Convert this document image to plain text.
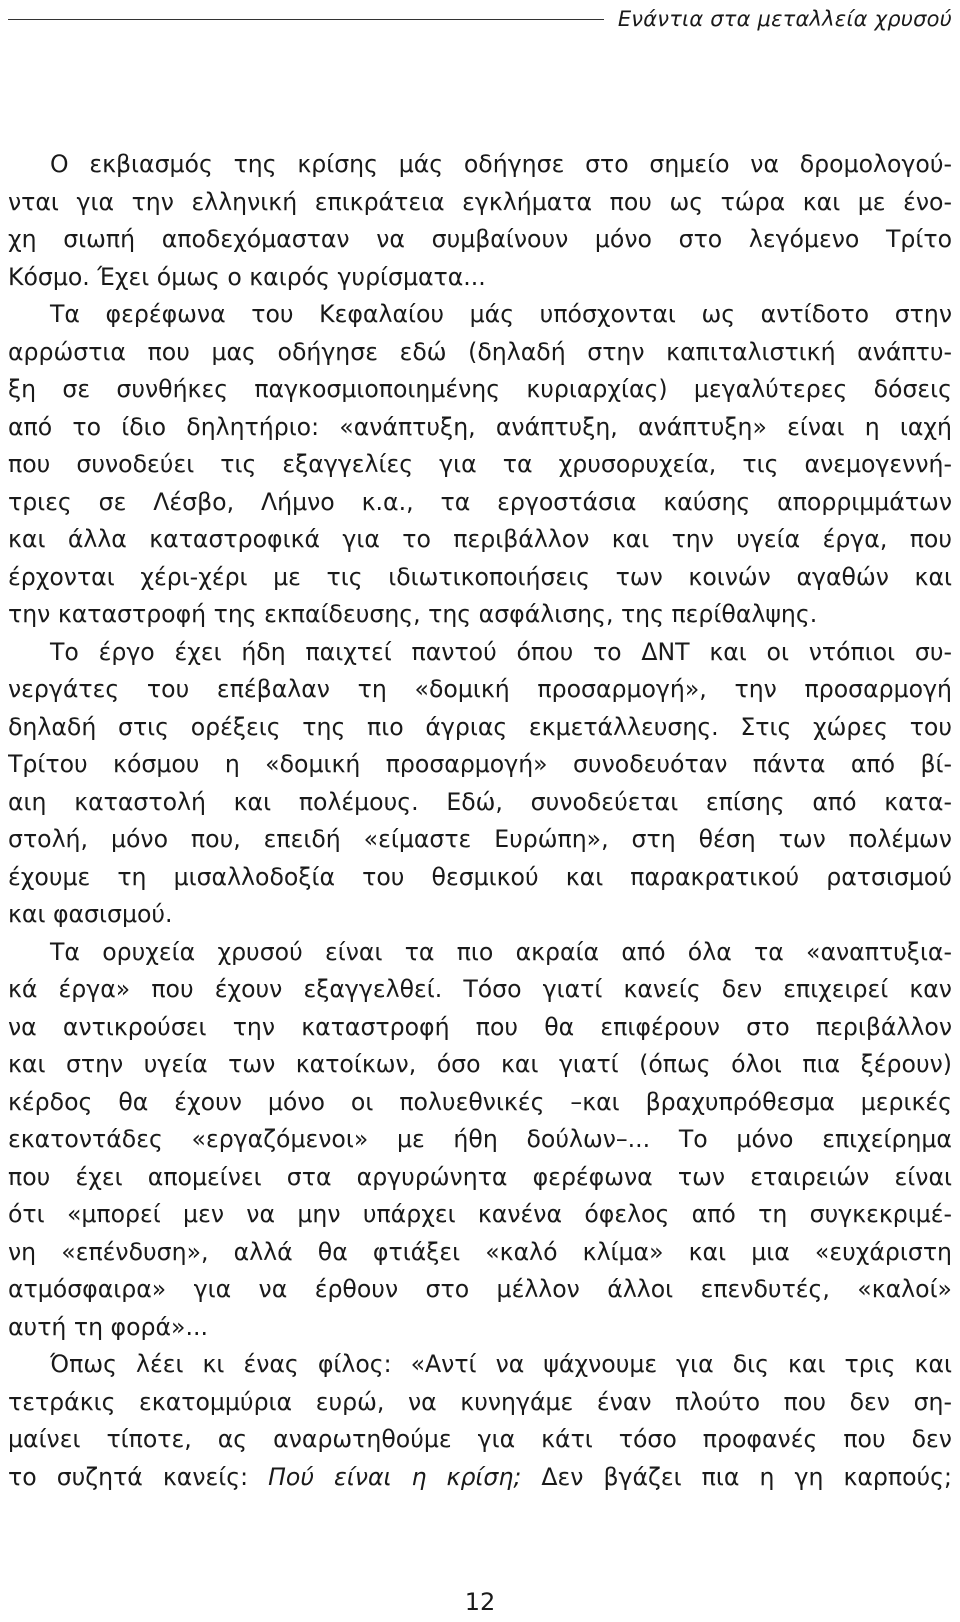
Ενάντια στα μεταλλεία χρυσού
Ο εκβιασμός της κρίσης μάς οδήγησε στο σημείο να δρομολογού-
νται για την ελληνική επικράτεια εγκλήματα που ως τώρα και με ένο-
χη σιωπή αποδεχόμασταν να συμβαίνουν μόνο στο λεγόμενο Τρίτο
Κόσμο. Έχει όμως ο καιρός γυρίσματα...
Τα φερέφωνα του Κεφαλαίου μάς υπόσχονται ως αντίδοτο στην
αρρώστια που μας οδήγησε εδώ (δηλαδή στην καπιταλιστική ανάπτυ-
ξη σε συνθήκες παγκοσμιοποιημένης κυριαρχίας) μεγαλύτερες δόσεις
από το ίδιο δηλητήριο: «ανάπτυξη, ανάπτυξη, ανάπτυξη» είναι η ιαχή
που συνοδεύει τις εξαγγελίες για τα χρυσορυχεία, τις ανεμογεννή-
τριες σε Λέσβο, Λήμνο κ.α., τα εργοστάσια καύσης απορριμμάτων
και άλλα καταστροφικά για το περιβάλλον και την υγεία έργα, που
έρχονται χέρι-χέρι με τις ιδιωτικοποιήσεις των κοινών αγαθών και
την καταστροφή της εκπαίδευσης, της ασφάλισης, της περίθαλψης.
Το έργο έχει ήδη παιχτεί παντού όπου το ΔΝΤ και οι ντόπιοι συ-
νεργάτες του επέβαλαν τη «δομική προσαρμογή», την προσαρμογή
δηλαδή στις ορέξεις της πιο άγριας εκμετάλλευσης. Στις χώρες του
Τρίτου κόσμου η «δομική προσαρμογή» συνοδευόταν πάντα από βί-
αιη καταστολή και πολέμους. Εδώ, συνοδεύεται επίσης από κατα-
στολή, μόνο που, επειδή «είμαστε Ευρώπη», στη θέση των πολέμων
έχουμε τη μισαλλοδοξία του θεσμικού και παρακρατικού ρατσισμού
και φασισμού.
Τα ορυχεία χρυσού είναι τα πιο ακραία από όλα τα «αναπτυξια-
κά έργα» που έχουν εξαγγελθεί. Τόσο γιατί κανείς δεν επιχειρεί καν
να αντικρούσει την καταστροφή που θα επιφέρουν στο περιβάλλον
και στην υγεία των κατοίκων, όσο και γιατί (όπως όλοι πια ξέρουν)
κέρδος θα έχουν μόνο οι πολυεθνικές –και βραχυπρόθεσμα μερικές
εκατοντάδες «εργαζόμενοι» με ήθη δούλων–... Το μόνο επιχείρημα
που έχει απομείνει στα αργυρώνητα φερέφωνα των εταιρειών είναι
ότι «μπορεί μεν να μην υπάρχει κανένα όφελος από τη συγκεκριμέ-
νη «επένδυση», αλλά θα φτιάξει «καλό κλίμα» και μια «ευχάριστη
ατμόσφαιρα» για να έρθουν στο μέλλον άλλοι επενδυτές, «καλοί»
αυτή τη φορά»...
Όπως λέει κι ένας φίλος: «Αντί να ψάχνουμε για δις και τρις και
τετράκις εκατομμύρια ευρώ, να κυνηγάμε έναν πλούτο που δεν ση-
μαίνει τίποτε, ας αναρωτηθούμε για κάτι τόσο προφανές που δεν
το συζητά κανείς: Πού είναι η κρίση; Δεν βγάζει πια η γη καρπούς;
12
